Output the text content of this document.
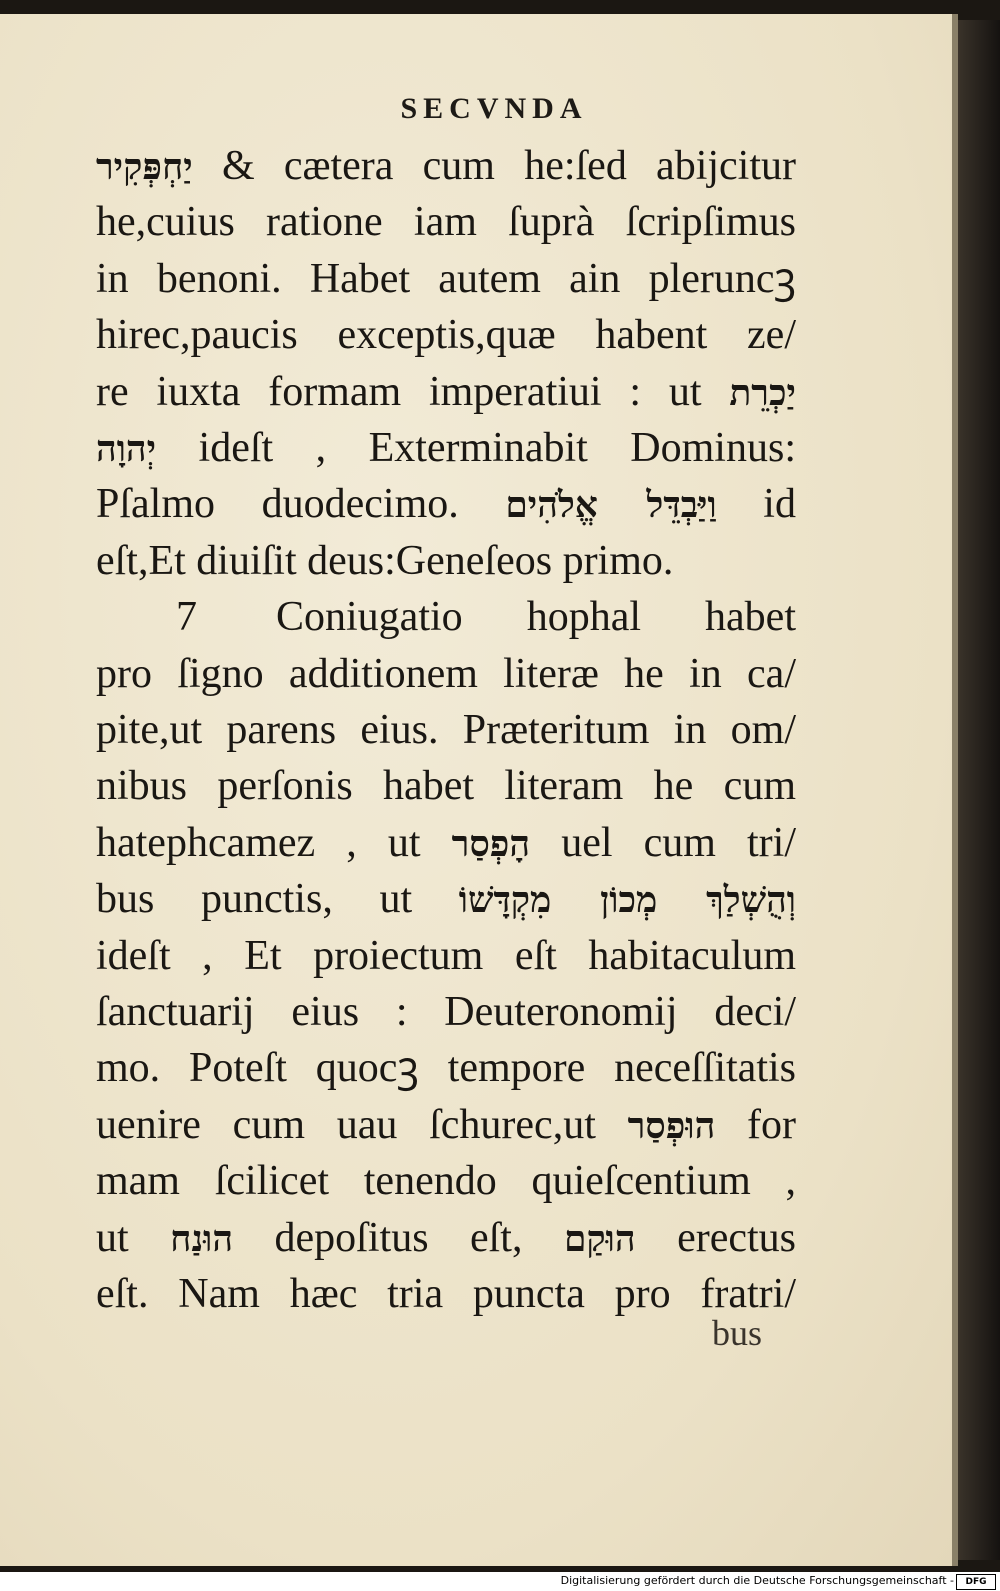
SECVNDA
יַחְפְּקִיר & cætera cum he:ſed abijcitur
he,cuius ratione iam ſuprà ſcripſimus
in benoni. Habet autem ain pleruncꝫ
hirec,paucis exceptis,quæ habent ze/
re iuxta formam imperatiui : ut יַכְרֵת
יְהוָה ideſt , Exterminabit Dominus:
Pſalmo duodecimo. וַיַּבְדֵּל אֱלֹהִים id
eſt,Et diuiſit deus:Geneſeos primo.
7 Coniugatio hophal habet
pro ſigno additionem literæ he in ca/
pite,ut parens eius. Præteritum in om/
nibus perſonis habet literam he cum
hatephcamez , ut הָפְסַר uel cum tri/
bus punctis, ut וְהֻשְׁלַךְ מְכוֹן מִקְדָּשׁוֹ
ideſt , Et proiectum eſt habitaculum
ſanctuarij eius : Deuteronomij deci/
mo. Poteſt quocꝫ tempore neceſſitatis
uenire cum uau ſchurec,ut הוּפְסַר for
mam ſcilicet tenendo quieſcentium ,
ut הוּנַח depoſitus eſt, הוּקַם erectus
eſt. Nam hæc tria puncta pro fratri/
bus
Digitalisierung gefördert durch die Deutsche Forschungsgemeinschaft -	DFG
